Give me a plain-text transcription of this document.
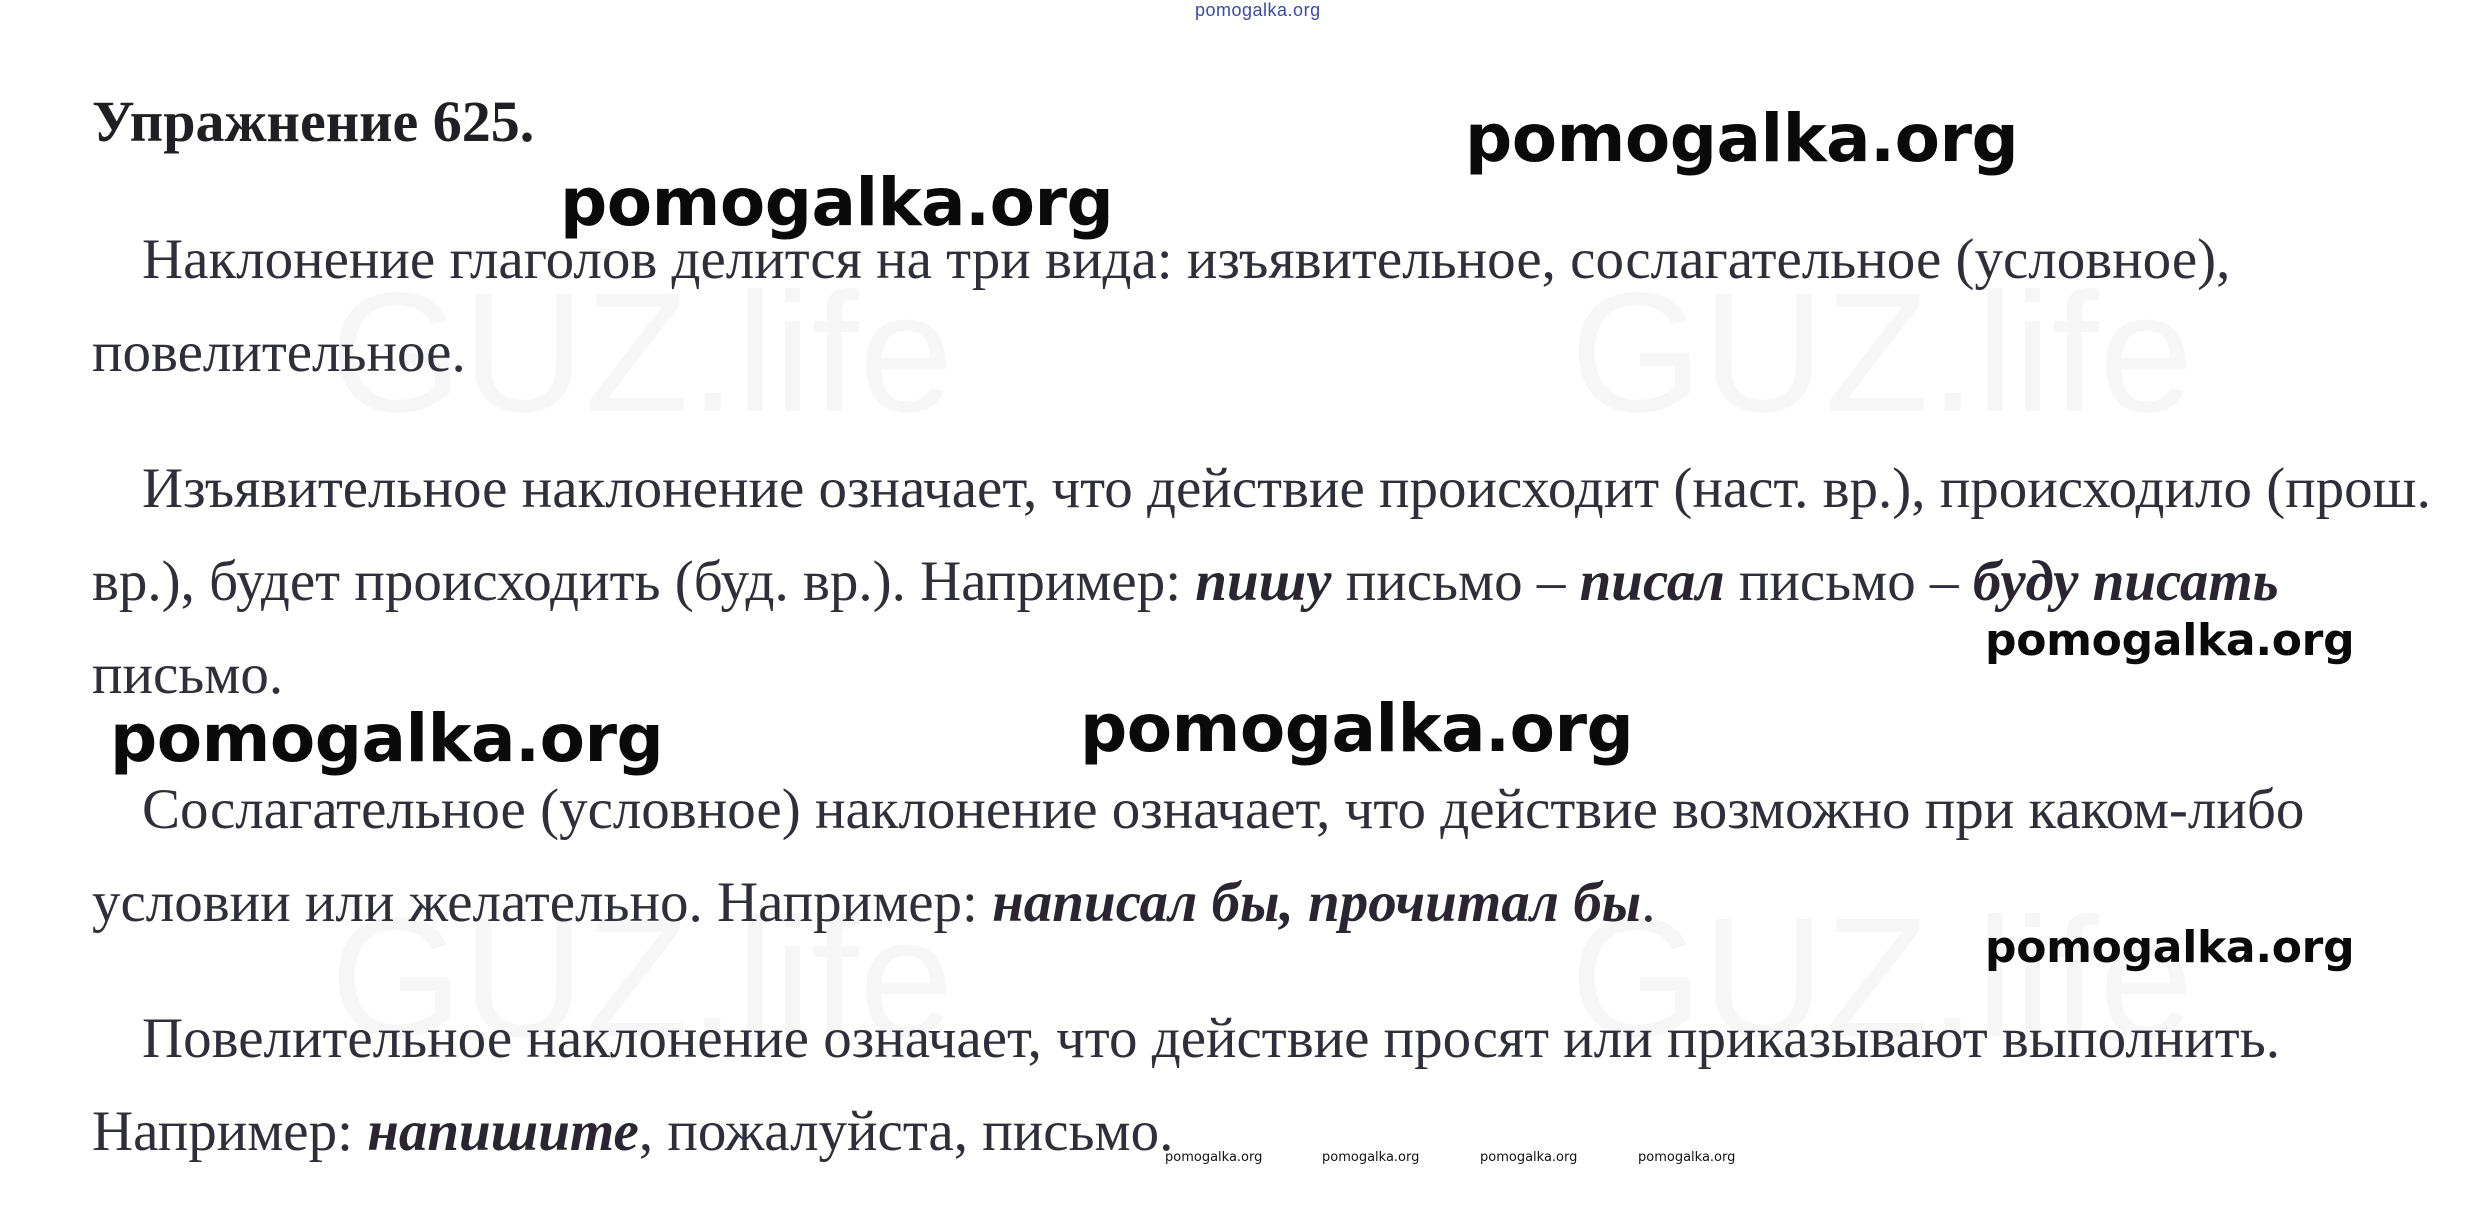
pomogalka.org
Упражнение 625.

Наклонение глаголов делится на три вида: изъявительное, сослагательное (условное), повелительное.

Изъявительное наклонение означает, что действие происходит (наст. вр.), происходило (прош. вр.), будет происходить (буд. вр.). Например: пишу письмо – писал письмо – буду писать письмо.

Сослагательное (условное) наклонение означает, что действие возможно при каком-либо условии или желательно. Например: написал бы, прочитал бы.

Повелительное наклонение означает, что действие просят или приказывают выполнить. Например: напишите, пожалуйста, письмо.

pomogalka.org
pomogalka.org
pomogalka.org	pomogalka.org
pomogalka.org
pomogalka.org
pomogalka.org	pomogalka.org	pomogalka.org	pomogalka.org
